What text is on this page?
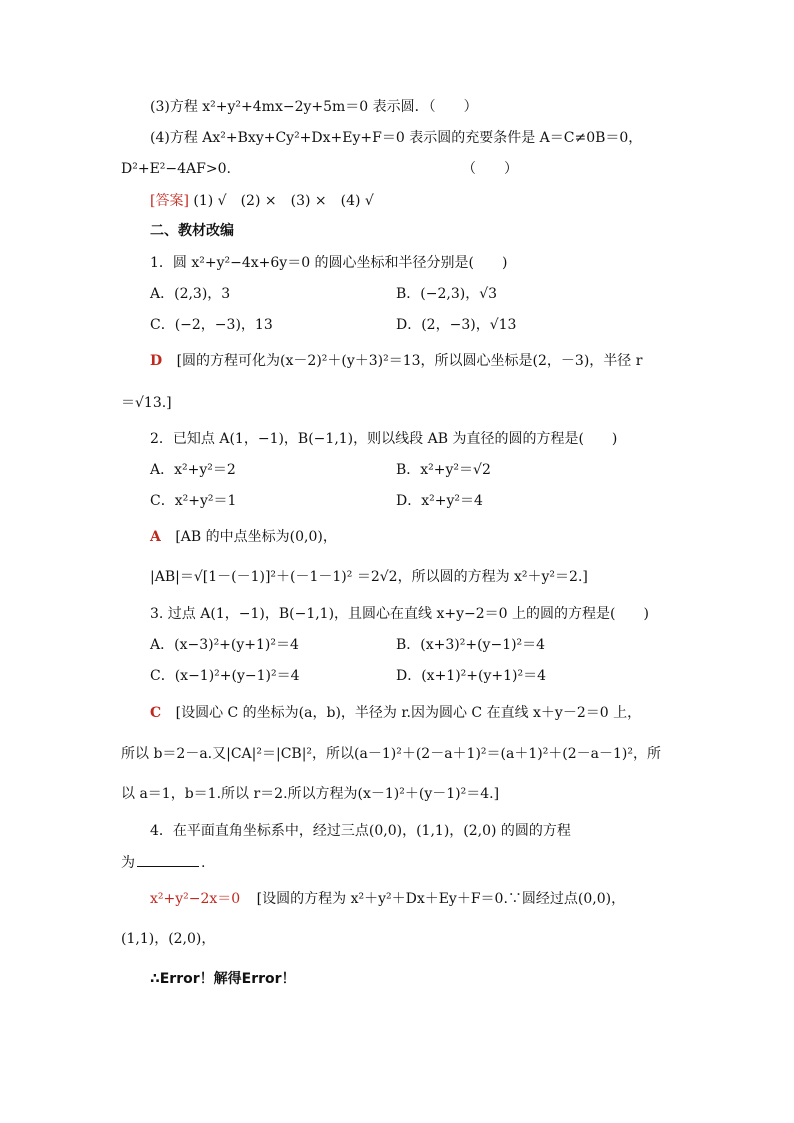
(3)方程 x²+y²+4mx−2y+5m＝0 表示圆．（　　）
(4)方程 Ax²+Bxy+Cy²+Dx+Ey+F＝0 表示圆的充要条件是 A＝C≠0B＝0，
D²+E²−4AF>0.　　　　　　　　　　　　　　　　　（　　）
[答案] (1) √　(2) ×　(3) ×　(4) √
二、教材改编
1．圆 x²+y²−4x+6y＝0 的圆心坐标和半径分别是(　　)
A．(2,3)，3	B．(−2,3)，√3
C．(−2，−3)，13	D．(2，−3)，√13
D [圆的方程可化为(x－2)²＋(y＋3)²＝13，所以圆心坐标是(2，－3)，半径 r
＝√13.]
2．已知点 A(1，−1)，B(−1,1)，则以线段 AB 为直径的圆的方程是(　　)
A．x²+y²＝2	B．x²+y²＝√2
C．x²+y²＝1	D．x²+y²＝4
A [AB 的中点坐标为(0,0)，
|AB|＝√[1－(－1)]²＋(－1－1)² ＝2√2，所以圆的方程为 x²＋y²＝2.]
3. 过点 A(1，−1)，B(−1,1)，且圆心在直线 x+y−2＝0 上的圆的方程是(　　)
A．(x−3)²+(y+1)²＝4	B．(x+3)²+(y−1)²＝4
C．(x−1)²+(y−1)²＝4	D．(x+1)²+(y+1)²＝4
C [设圆心 C 的坐标为(a，b)，半径为 r.因为圆心 C 在直线 x＋y－2＝0 上，
所以 b＝2－a.又|CA|²＝|CB|²，所以(a－1)²＋(2－a＋1)²＝(a＋1)²＋(2－a－1)²，所
以 a＝1，b＝1.所以 r＝2.所以方程为(x－1)²＋(y－1)²＝4.]
4．在平面直角坐标系中，经过三点(0,0)，(1,1)，(2,0) 的圆的方程
为	.
x²+y²−2x＝0 [设圆的方程为 x²＋y²＋Dx＋Ey＋F＝0.∵圆经过点(0,0)，
(1,1)，(2,0)，
∴Error！解得Error！
